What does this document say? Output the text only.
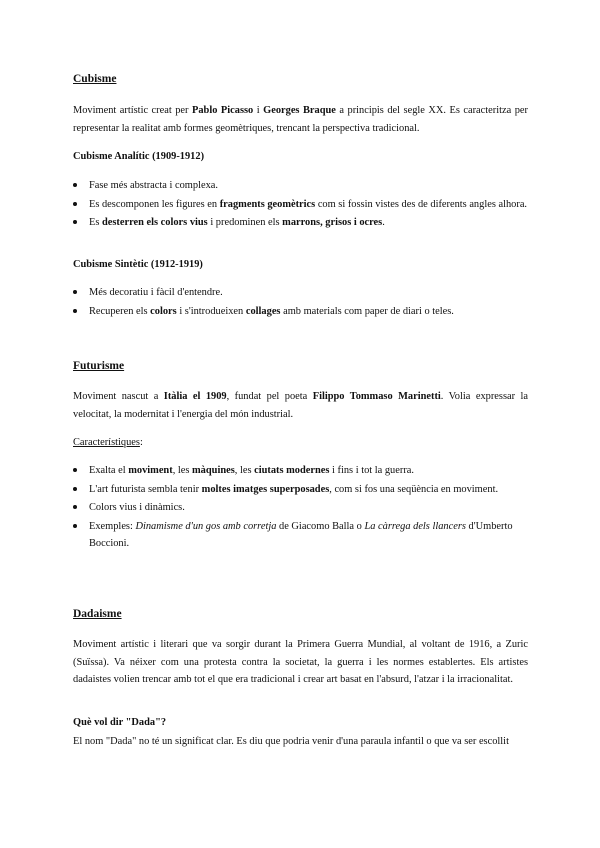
Cubisme
Moviment artístic creat per Pablo Picasso i Georges Braque a principis del segle XX. Es caracteritza per representar la realitat amb formes geomètriques, trencant la perspectiva tradicional.
Cubisme Analític (1909-1912)
Fase més abstracta i complexa.
Es descomponen les figures en fragments geomètrics com si fossin vistes des de diferents angles alhora.
Es desterren els colors vius i predominen els marrons, grisos i ocres.
Cubisme Sintètic (1912-1919)
Més decoratiu i fàcil d'entendre.
Recuperen els colors i s'introdueixen collages amb materials com paper de diari o teles.
Futurisme
Moviment nascut a Itàlia el 1909, fundat pel poeta Filippo Tommaso Marinetti. Volia expressar la velocitat, la modernitat i l'energia del món industrial.
Característiques:
Exalta el moviment, les màquines, les ciutats modernes i fins i tot la guerra.
L'art futurista sembla tenir moltes imatges superposades, com si fos una seqüència en moviment.
Colors vius i dinàmics.
Exemples: Dinamisme d'un gos amb corretja de Giacomo Balla o La càrrega dels llancers d'Umberto Boccioni.
Dadaisme
Moviment artístic i literari que va sorgir durant la Primera Guerra Mundial, al voltant de 1916, a Zuric (Suïssa). Va néixer com una protesta contra la societat, la guerra i les normes establertes. Els artistes dadaistes volien trencar amb tot el que era tradicional i crear art basat en l'absurd, l'atzar i la irracionalitat.
Què vol dir "Dada"?
El nom "Dada" no té un significat clar. Es diu que podria venir d'una paraula infantil o que va ser escollit
